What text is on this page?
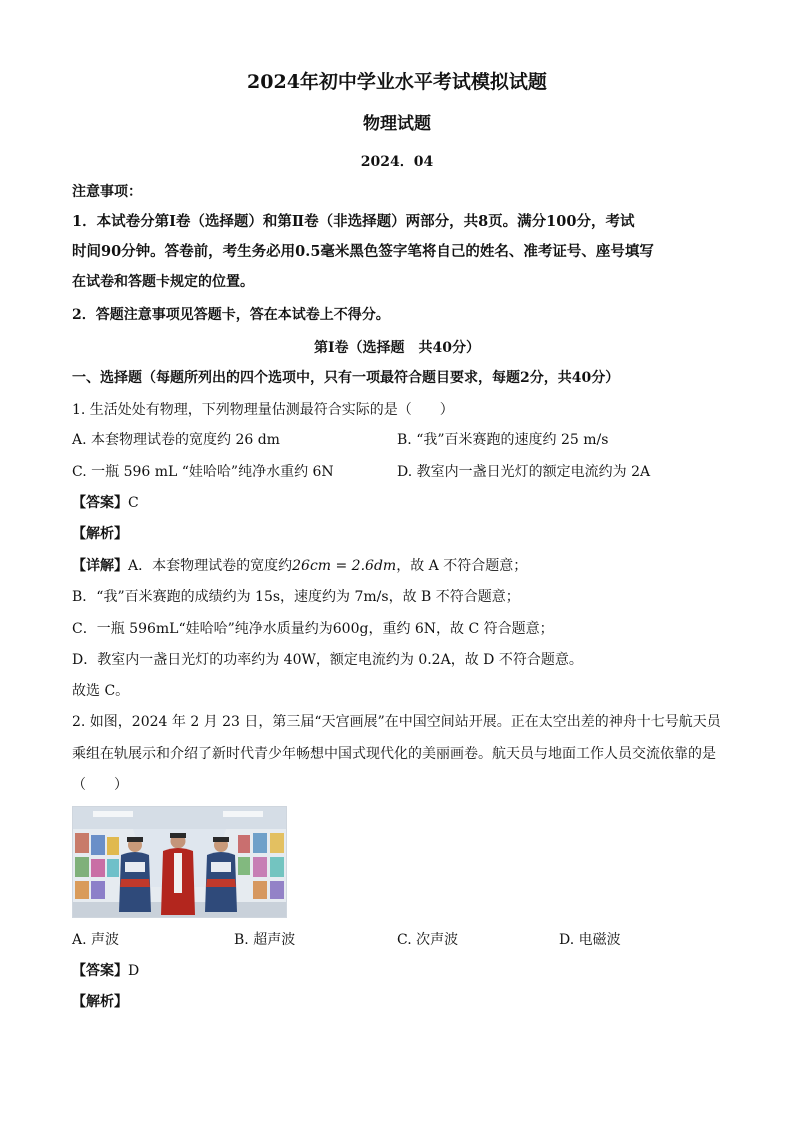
2024年初中学业水平考试模拟试题
物理试题
2024．04
注意事项：
1．本试卷分第Ⅰ卷（选择题）和第Ⅱ卷（非选择题）两部分，共8页。满分100分，考试
时间90分钟。答卷前，考生务必用0.5毫米黑色签字笔将自己的姓名、准考证号、座号填写
在试卷和答题卡规定的位置。
2．答题注意事项见答题卡，答在本试卷上不得分。
第Ⅰ卷（选择题　共40分）
一、选择题（每题所列出的四个选项中，只有一项最符合题目要求，每题2分，共40分）
1. 生活处处有物理，下列物理量估测最符合实际的是（　　）
A. 本套物理试卷的宽度约 26 dm	B. “我”百米赛跑的速度约 25 m/s
C. 一瓶 596 mL “娃哈哈”纯净水重约 6N	D. 教室内一盏日光灯的额定电流约为 2A
【答案】C
【解析】
【详解】A．本套物理试卷的宽度约26cm = 2.6dm，故 A 不符合题意；
B．“我”百米赛跑的成绩约为 15s，速度约为 7m/s，故 B 不符合题意；
C．一瓶 596mL“娃哈哈”纯净水质量约为600g，重约 6N，故 C 符合题意；
D．教室内一盏日光灯的功率约为 40W，额定电流约为 0.2A，故 D 不符合题意。
故选 C。
2. 如图，2024 年 2 月 23 日，第三届“天宫画展”在中国空间站开展。正在太空出差的神舟十七号航天员
乘组在轨展示和介绍了新时代青少年畅想中国式现代化的美丽画卷。航天员与地面工作人员交流依靠的是
（　　）
A. 声波	B. 超声波	C. 次声波	D. 电磁波
【答案】D
【解析】
